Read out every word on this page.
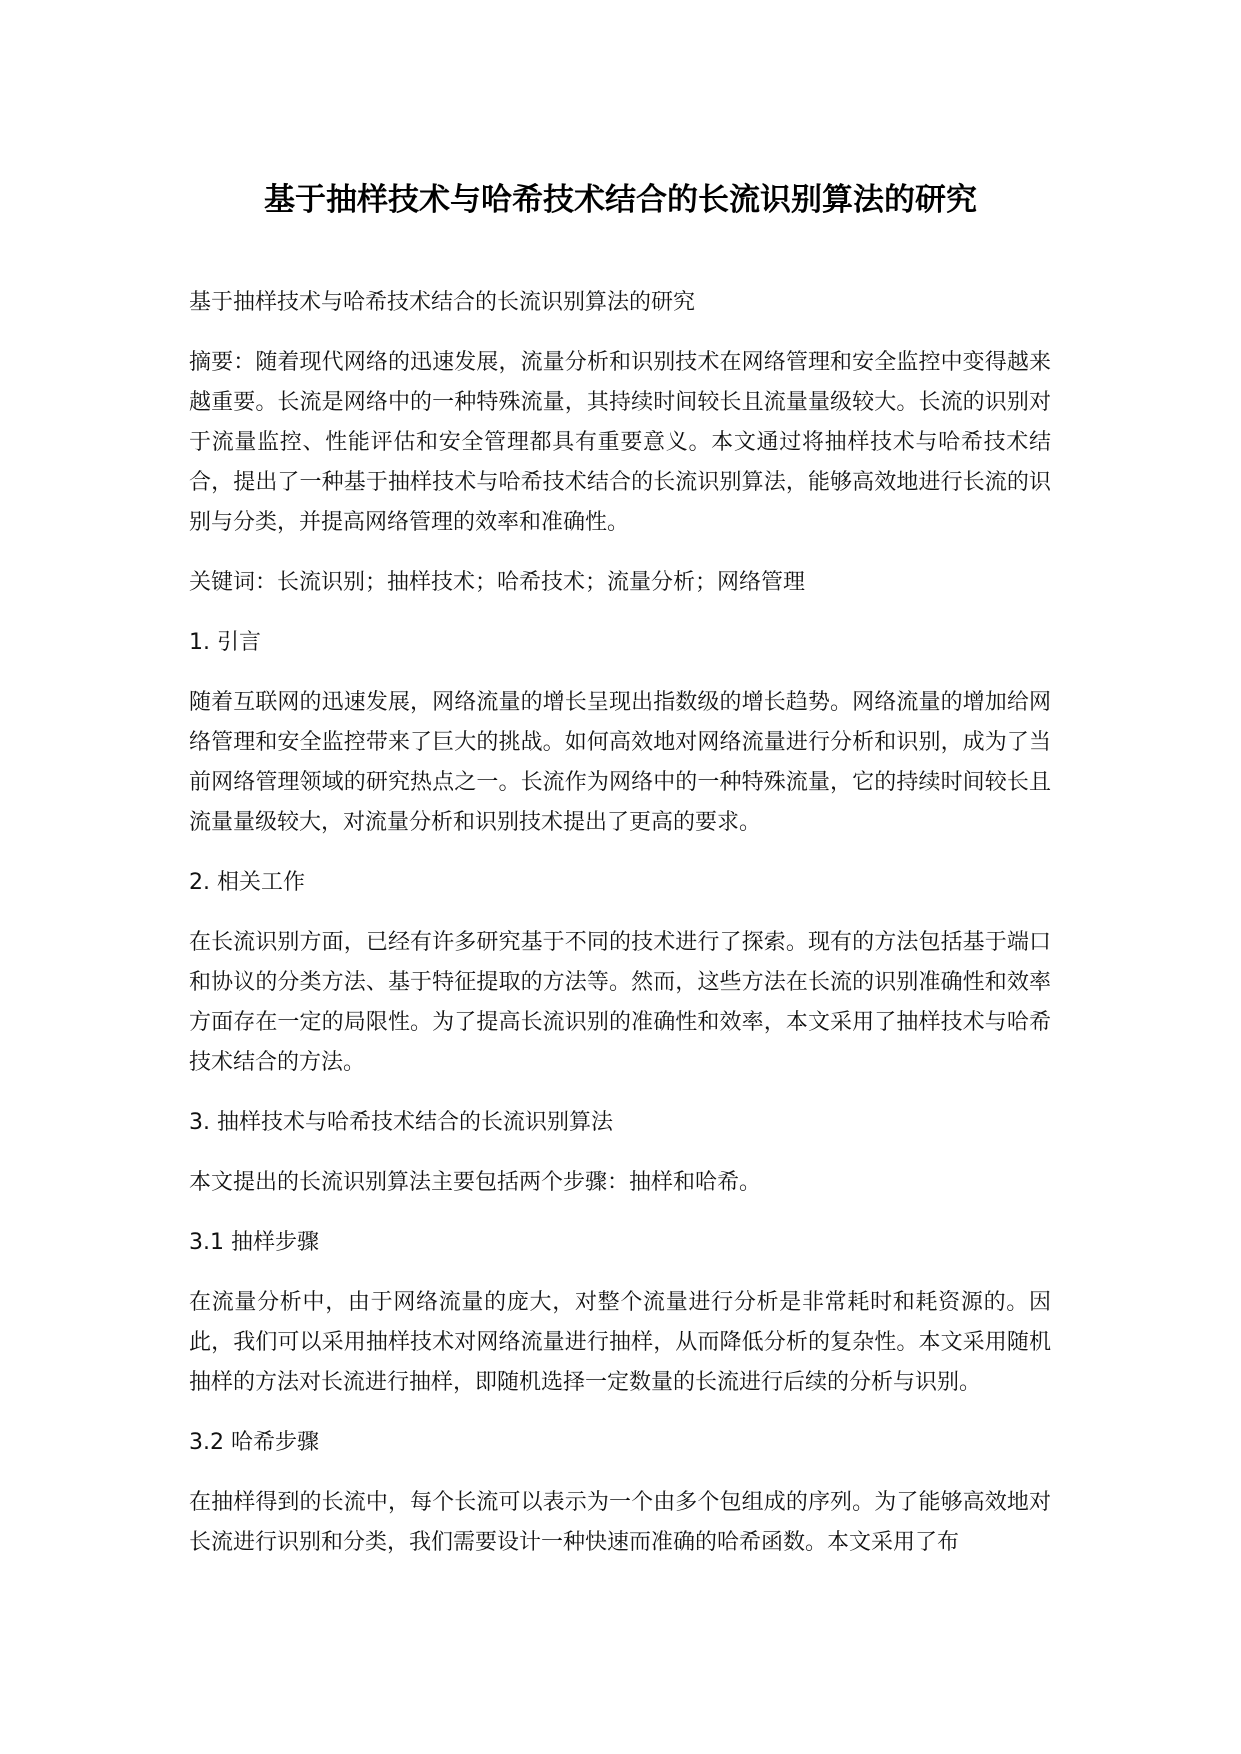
基于抽样技术与哈希技术结合的长流识别算法的研究

基于抽样技术与哈希技术结合的长流识别算法的研究

摘要：随着现代网络的迅速发展，流量分析和识别技术在网络管理和安全监控中变得越来越重要。长流是网络中的一种特殊流量，其持续时间较长且流量量级较大。长流的识别对于流量监控、性能评估和安全管理都具有重要意义。本文通过将抽样技术与哈希技术结合，提出了一种基于抽样技术与哈希技术结合的长流识别算法，能够高效地进行长流的识别与分类，并提高网络管理的效率和准确性。

关键词：长流识别；抽样技术；哈希技术；流量分析；网络管理

1. 引言

随着互联网的迅速发展，网络流量的增长呈现出指数级的增长趋势。网络流量的增加给网络管理和安全监控带来了巨大的挑战。如何高效地对网络流量进行分析和识别，成为了当前网络管理领域的研究热点之一。长流作为网络中的一种特殊流量，它的持续时间较长且流量量级较大，对流量分析和识别技术提出了更高的要求。

2. 相关工作

在长流识别方面，已经有许多研究基于不同的技术进行了探索。现有的方法包括基于端口和协议的分类方法、基于特征提取的方法等。然而，这些方法在长流的识别准确性和效率方面存在一定的局限性。为了提高长流识别的准确性和效率，本文采用了抽样技术与哈希技术结合的方法。

3. 抽样技术与哈希技术结合的长流识别算法

本文提出的长流识别算法主要包括两个步骤：抽样和哈希。

3.1 抽样步骤

在流量分析中，由于网络流量的庞大，对整个流量进行分析是非常耗时和耗资源的。因此，我们可以采用抽样技术对网络流量进行抽样，从而降低分析的复杂性。本文采用随机抽样的方法对长流进行抽样，即随机选择一定数量的长流进行后续的分析与识别。

3.2 哈希步骤

在抽样得到的长流中，每个长流可以表示为一个由多个包组成的序列。为了能够高效地对长流进行识别和分类，我们需要设计一种快速而准确的哈希函数。本文采用了布
